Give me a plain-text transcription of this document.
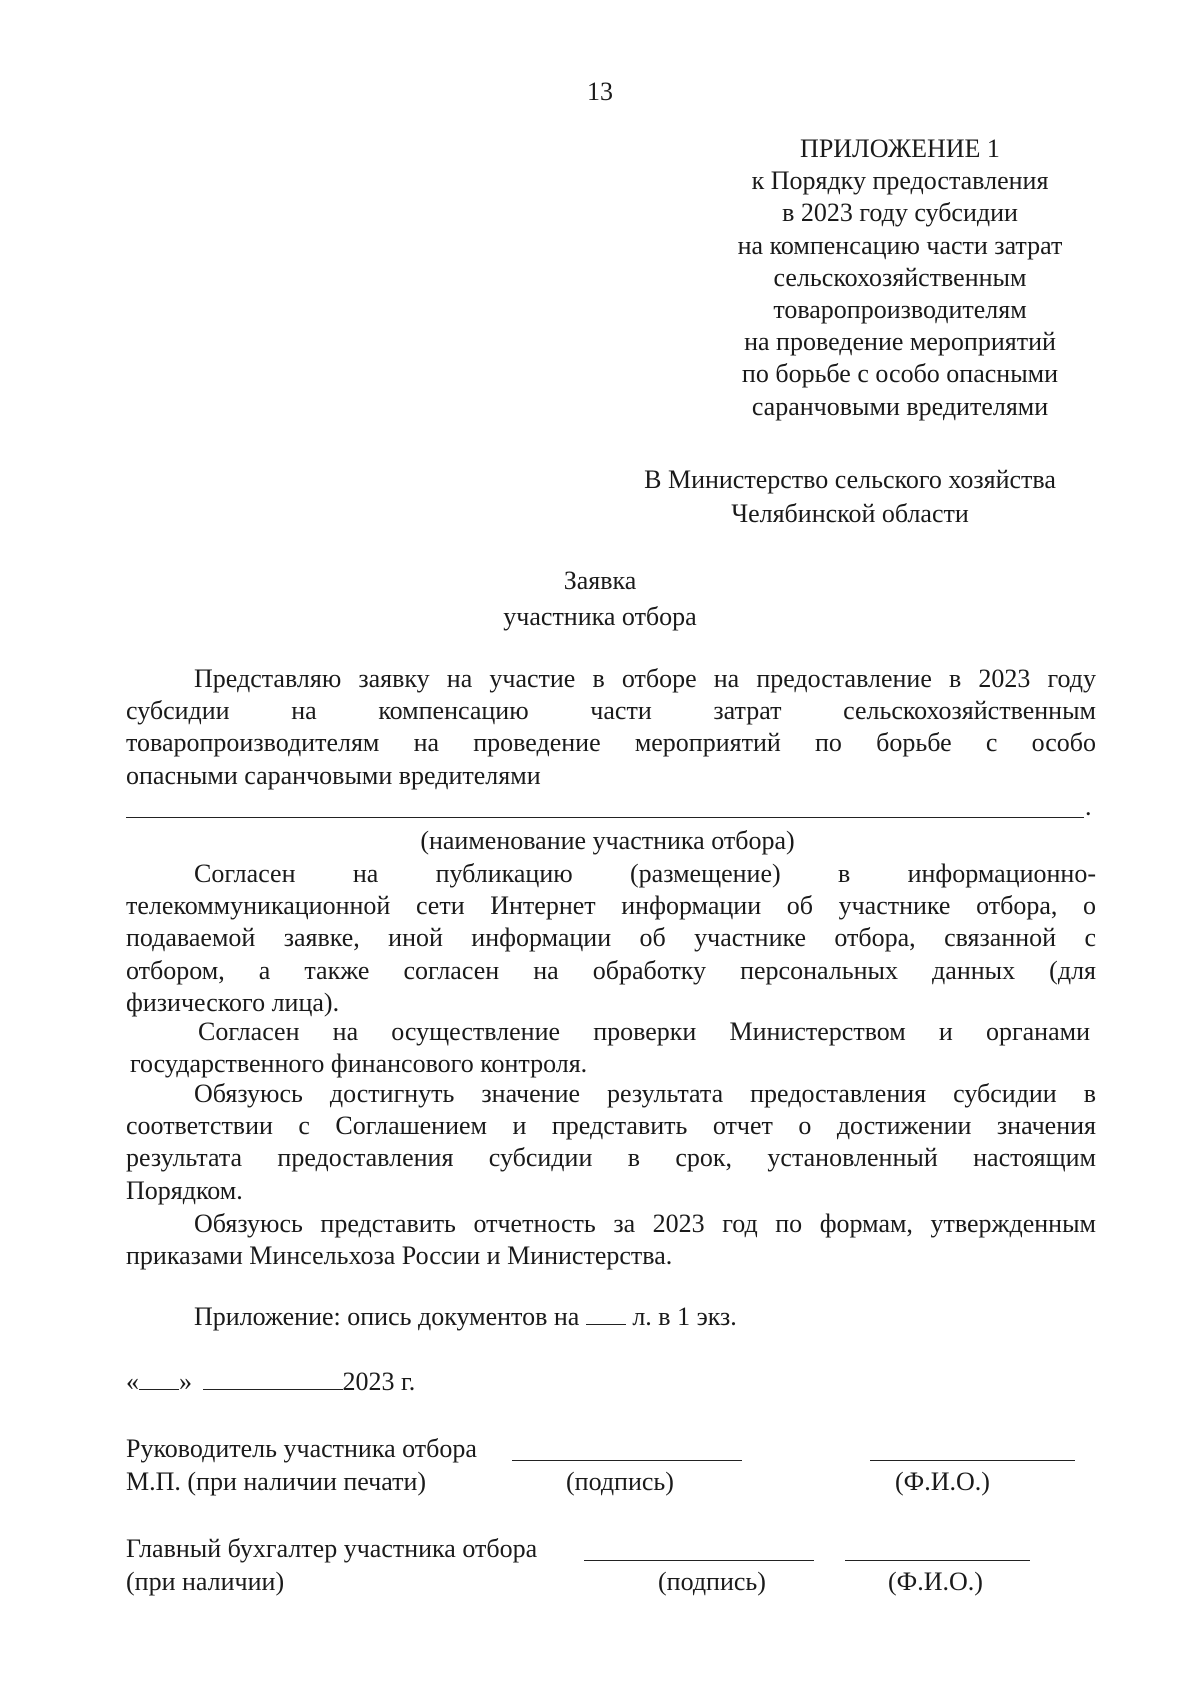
13
ПРИЛОЖЕНИЕ 1
к Порядку предоставления
в 2023 году субсидии
на компенсацию части затрат
сельскохозяйственным
товаропроизводителям
на проведение мероприятий
по борьбе с особо опасными
саранчовыми вредителями
В Министерство сельского хозяйства
Челябинской области
Заявка
участника отбора
Представляю заявку на участие в отборе на предоставление в 2023 году
субсидии на компенсацию части затрат сельскохозяйственным
товаропроизводителям на проведение мероприятий по борьбе с особо
опасными саранчовыми вредителями
.
(наименование участника отбора)
Согласен на публикацию (размещение) в информационно-
телекоммуникационной сети Интернет информации об участнике отбора, о
подаваемой заявке, иной информации об участнике отбора, связанной с
отбором, а также согласен на обработку персональных данных (для
физического лица).
Согласен на осуществление проверки Министерством и органами
государственного финансового контроля.
Обязуюсь достигнуть значение результата предоставления субсидии в
соответствии с Соглашением и представить отчет о достижении значения
результата предоставления субсидии в срок, установленный настоящим
Порядком.
Обязуюсь представить отчетность за 2023 год по формам, утвержденным
приказами Минсельхоза России и Министерства.
Приложение: опись документов на л. в 1 экз.
« »	2023 г.
Руководитель участника отбора
М.П. (при наличии печати)	(подпись)	(Ф.И.О.)
Главный бухгалтер участника отбора
(при наличии)	(подпись)	(Ф.И.О.)
